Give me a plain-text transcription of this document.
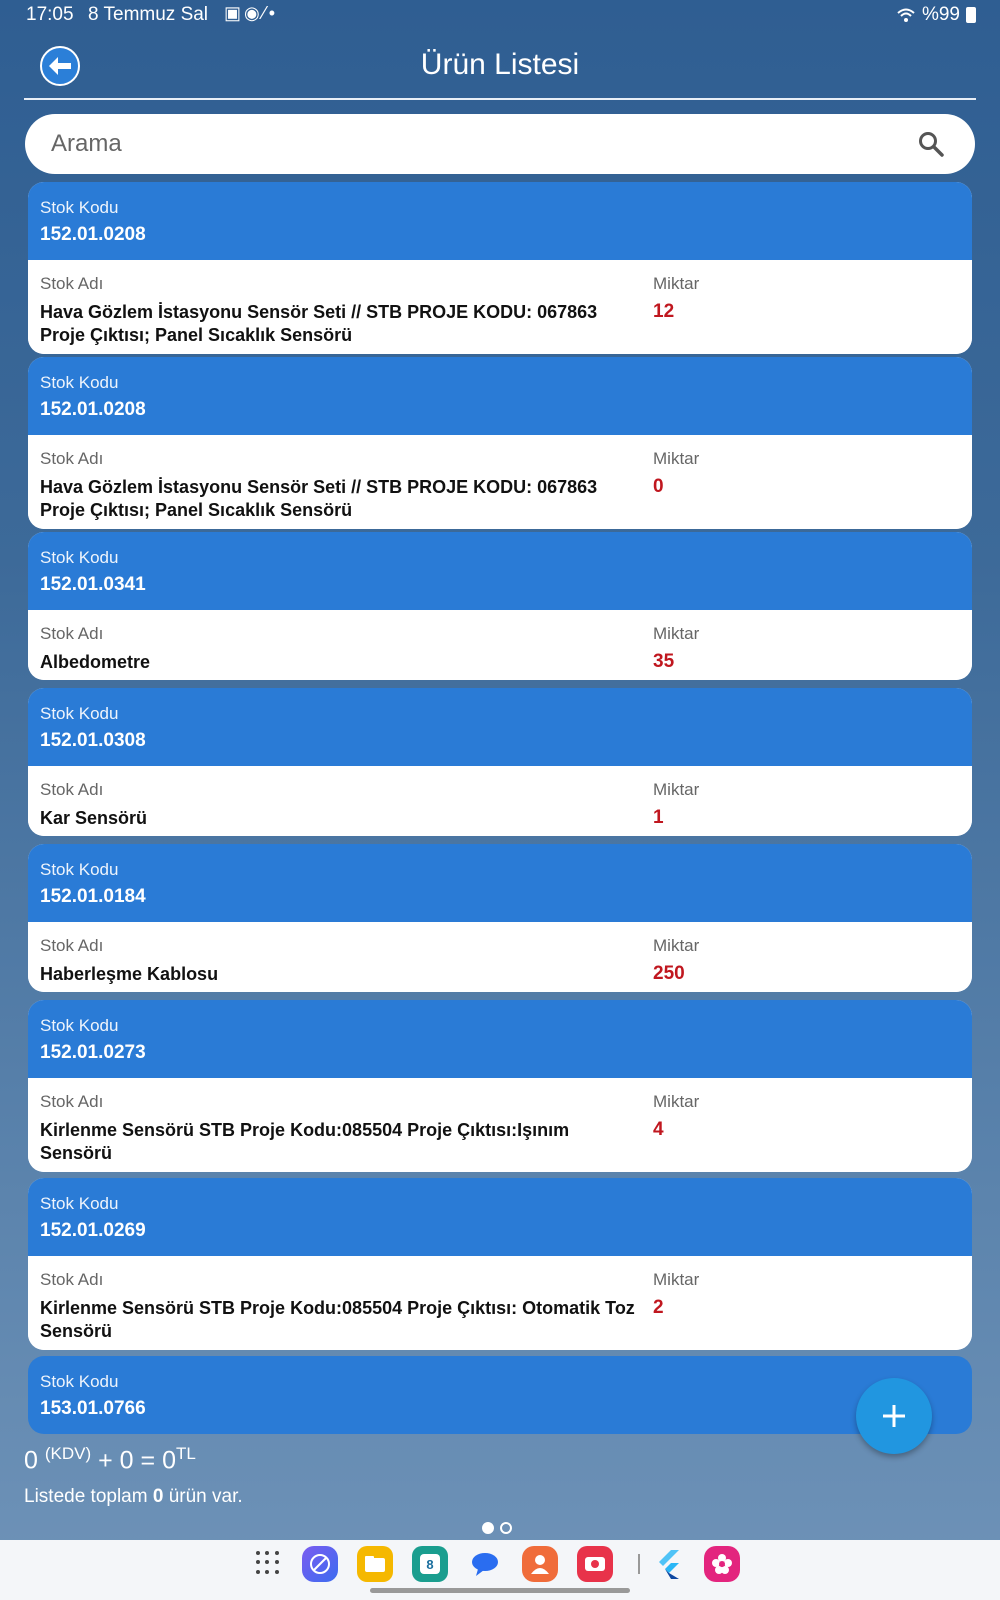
17:05 8 Temmuz Sal ▣◉⁄•	%99
Ürün Listesi
Arama
Stok Kodu
152.01.0208
Stok Adı
Hava Gözlem İstasyonu Sensör Seti // STB PROJE KODU: 067863 Proje Çıktısı; Panel Sıcaklık Sensörü
Miktar
12
Stok Kodu
152.01.0208
Stok Adı
Hava Gözlem İstasyonu Sensör Seti // STB PROJE KODU: 067863 Proje Çıktısı; Panel Sıcaklık Sensörü
Miktar
0
Stok Kodu
152.01.0341
Stok Adı
Albedometre
Miktar
35
Stok Kodu
152.01.0308
Stok Adı
Kar Sensörü
Miktar
1
Stok Kodu
152.01.0184
Stok Adı
Haberleşme Kablosu
Miktar
250
Stok Kodu
152.01.0273
Stok Adı
Kirlenme Sensörü STB Proje Kodu:085504 Proje Çıktısı:Işınım Sensörü
Miktar
4
Stok Kodu
152.01.0269
Stok Adı
Kirlenme Sensörü STB Proje Kodu:085504 Proje Çıktısı: Otomatik Toz Sensörü
Miktar
2
Stok Kodu
153.01.0766
0 $^{(KDV)} + 0 = 0^{TL}$
Listede toplam 0 ürün var.
8
